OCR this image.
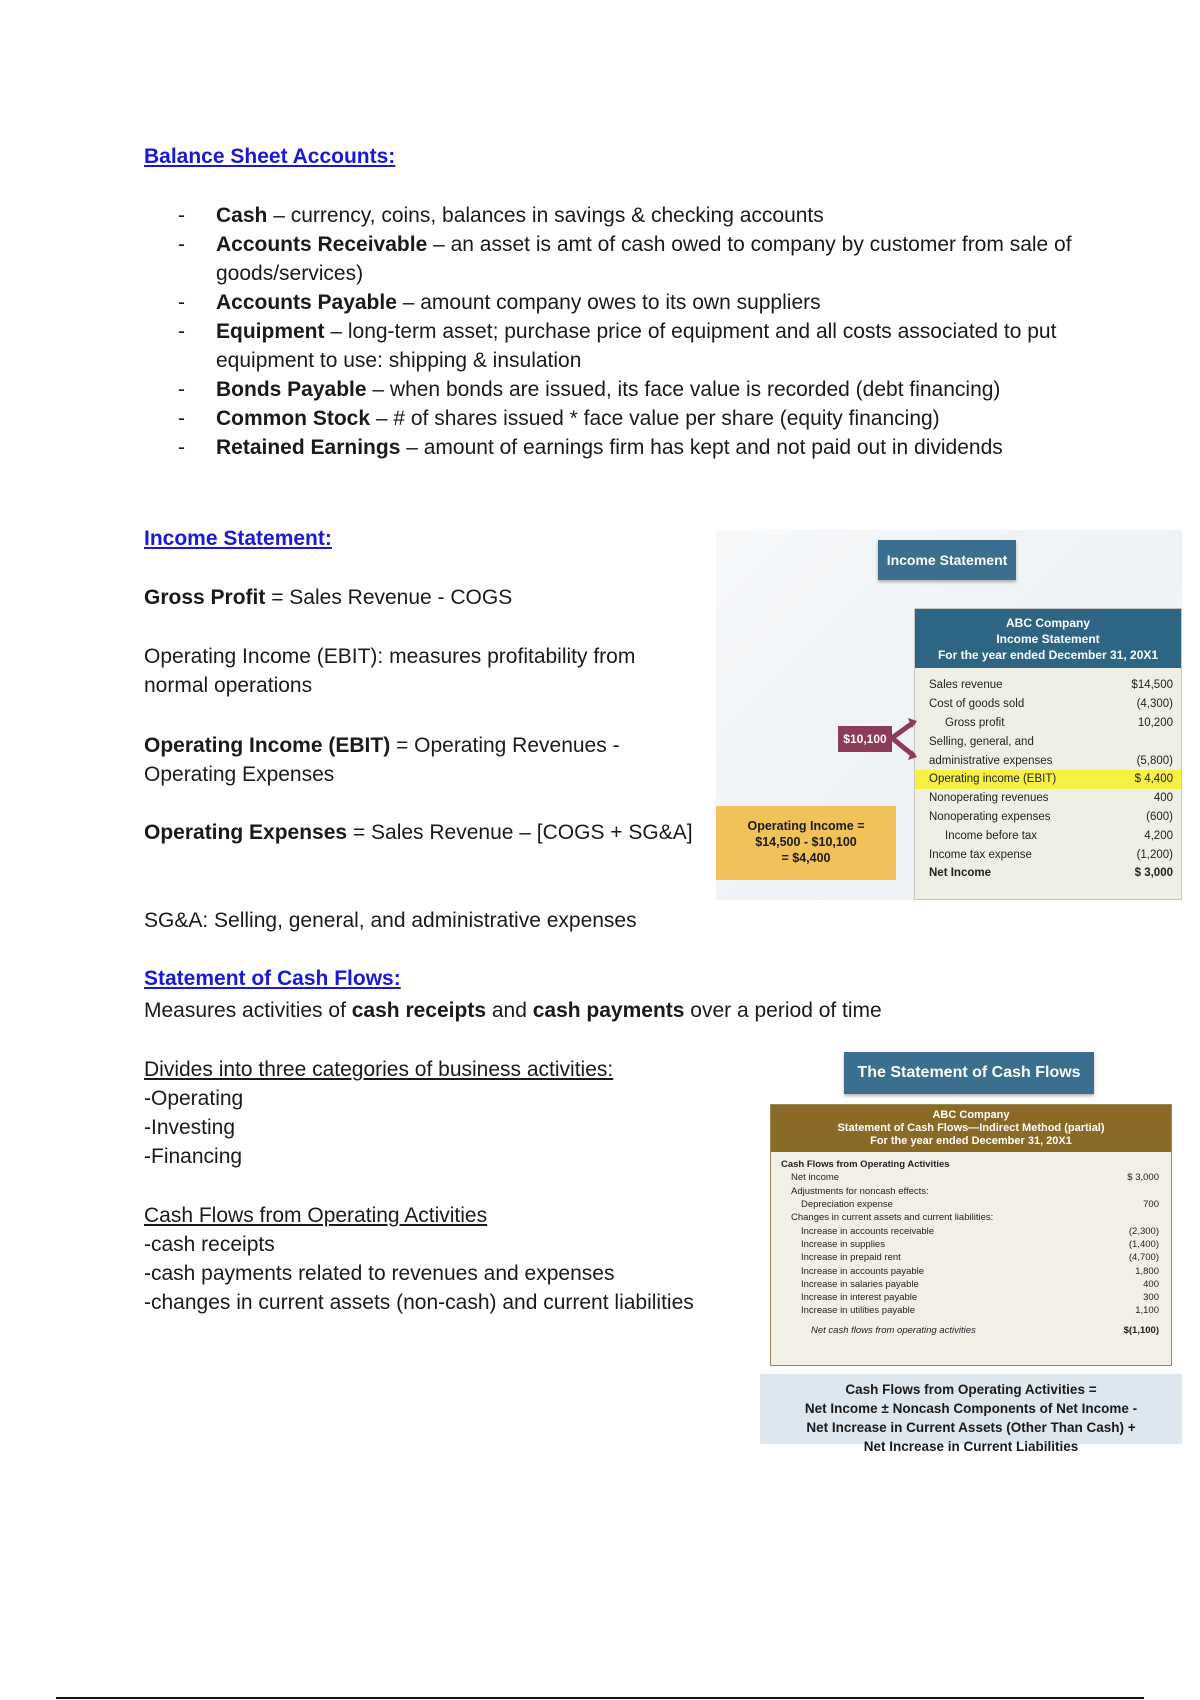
Balance Sheet Accounts:
- Cash – currency, coins, balances in savings & checking accounts
- Accounts Receivable – an asset is amt of cash owed to company by customer from sale of goods/services)
- Accounts Payable – amount company owes to its own suppliers
- Equipment – long-term asset; purchase price of equipment and all costs associated to put equipment to use: shipping & insulation
- Bonds Payable – when bonds are issued, its face value is recorded (debt financing)
- Common Stock – # of shares issued * face value per share (equity financing)
- Retained Earnings – amount of earnings firm has kept and not paid out in dividends
Income Statement:
Gross Profit = Sales Revenue - COGS
Operating Income (EBIT): measures profitability from normal operations
Operating Income (EBIT) = Operating Revenues - Operating Expenses
Operating Expenses = Sales Revenue – [COGS + SG&A]
SG&A: Selling, general, and administrative expenses
Income Statement
ABC Company
Income Statement
For the year ended December 31, 20X1
Sales revenue	$14,500
Cost of goods sold	(4,300)
Gross profit	10,200
Selling, general, and
administrative expenses	(5,800)
Operating income (EBIT)	$ 4,400
Nonoperating revenues	400
Nonoperating expenses	(600)
Income before tax	4,200
Income tax expense	(1,200)
Net Income	$ 3,000
$10,100
Operating Income =
$14,500 - $10,100
= $4,400
Statement of Cash Flows:
Measures activities of cash receipts and cash payments over a period of time
Divides into three categories of business activities:
-Operating
-Investing
-Financing
Cash Flows from Operating Activities
-cash receipts
-cash payments related to revenues and expenses
-changes in current assets (non-cash) and current liabilities
The Statement of Cash Flows
ABC Company
Statement of Cash Flows—Indirect Method (partial)
For the year ended December 31, 20X1
Cash Flows from Operating Activities
Net income	$ 3,000
Adjustments for noncash effects:
Depreciation expense	700
Changes in current assets and current liabilities:
Increase in accounts receivable	(2,300)
Increase in supplies	(1,400)
Increase in prepaid rent	(4,700)
Increase in accounts payable	1,800
Increase in salaries payable	400
Increase in interest payable	300
Increase in utilities payable	1,100
Net cash flows from operating activities	$(1,100)
Cash Flows from Operating Activities =
Net Income ± Noncash Components of Net Income -
Net Increase in Current Assets (Other Than Cash) +
Net Increase in Current Liabilities
